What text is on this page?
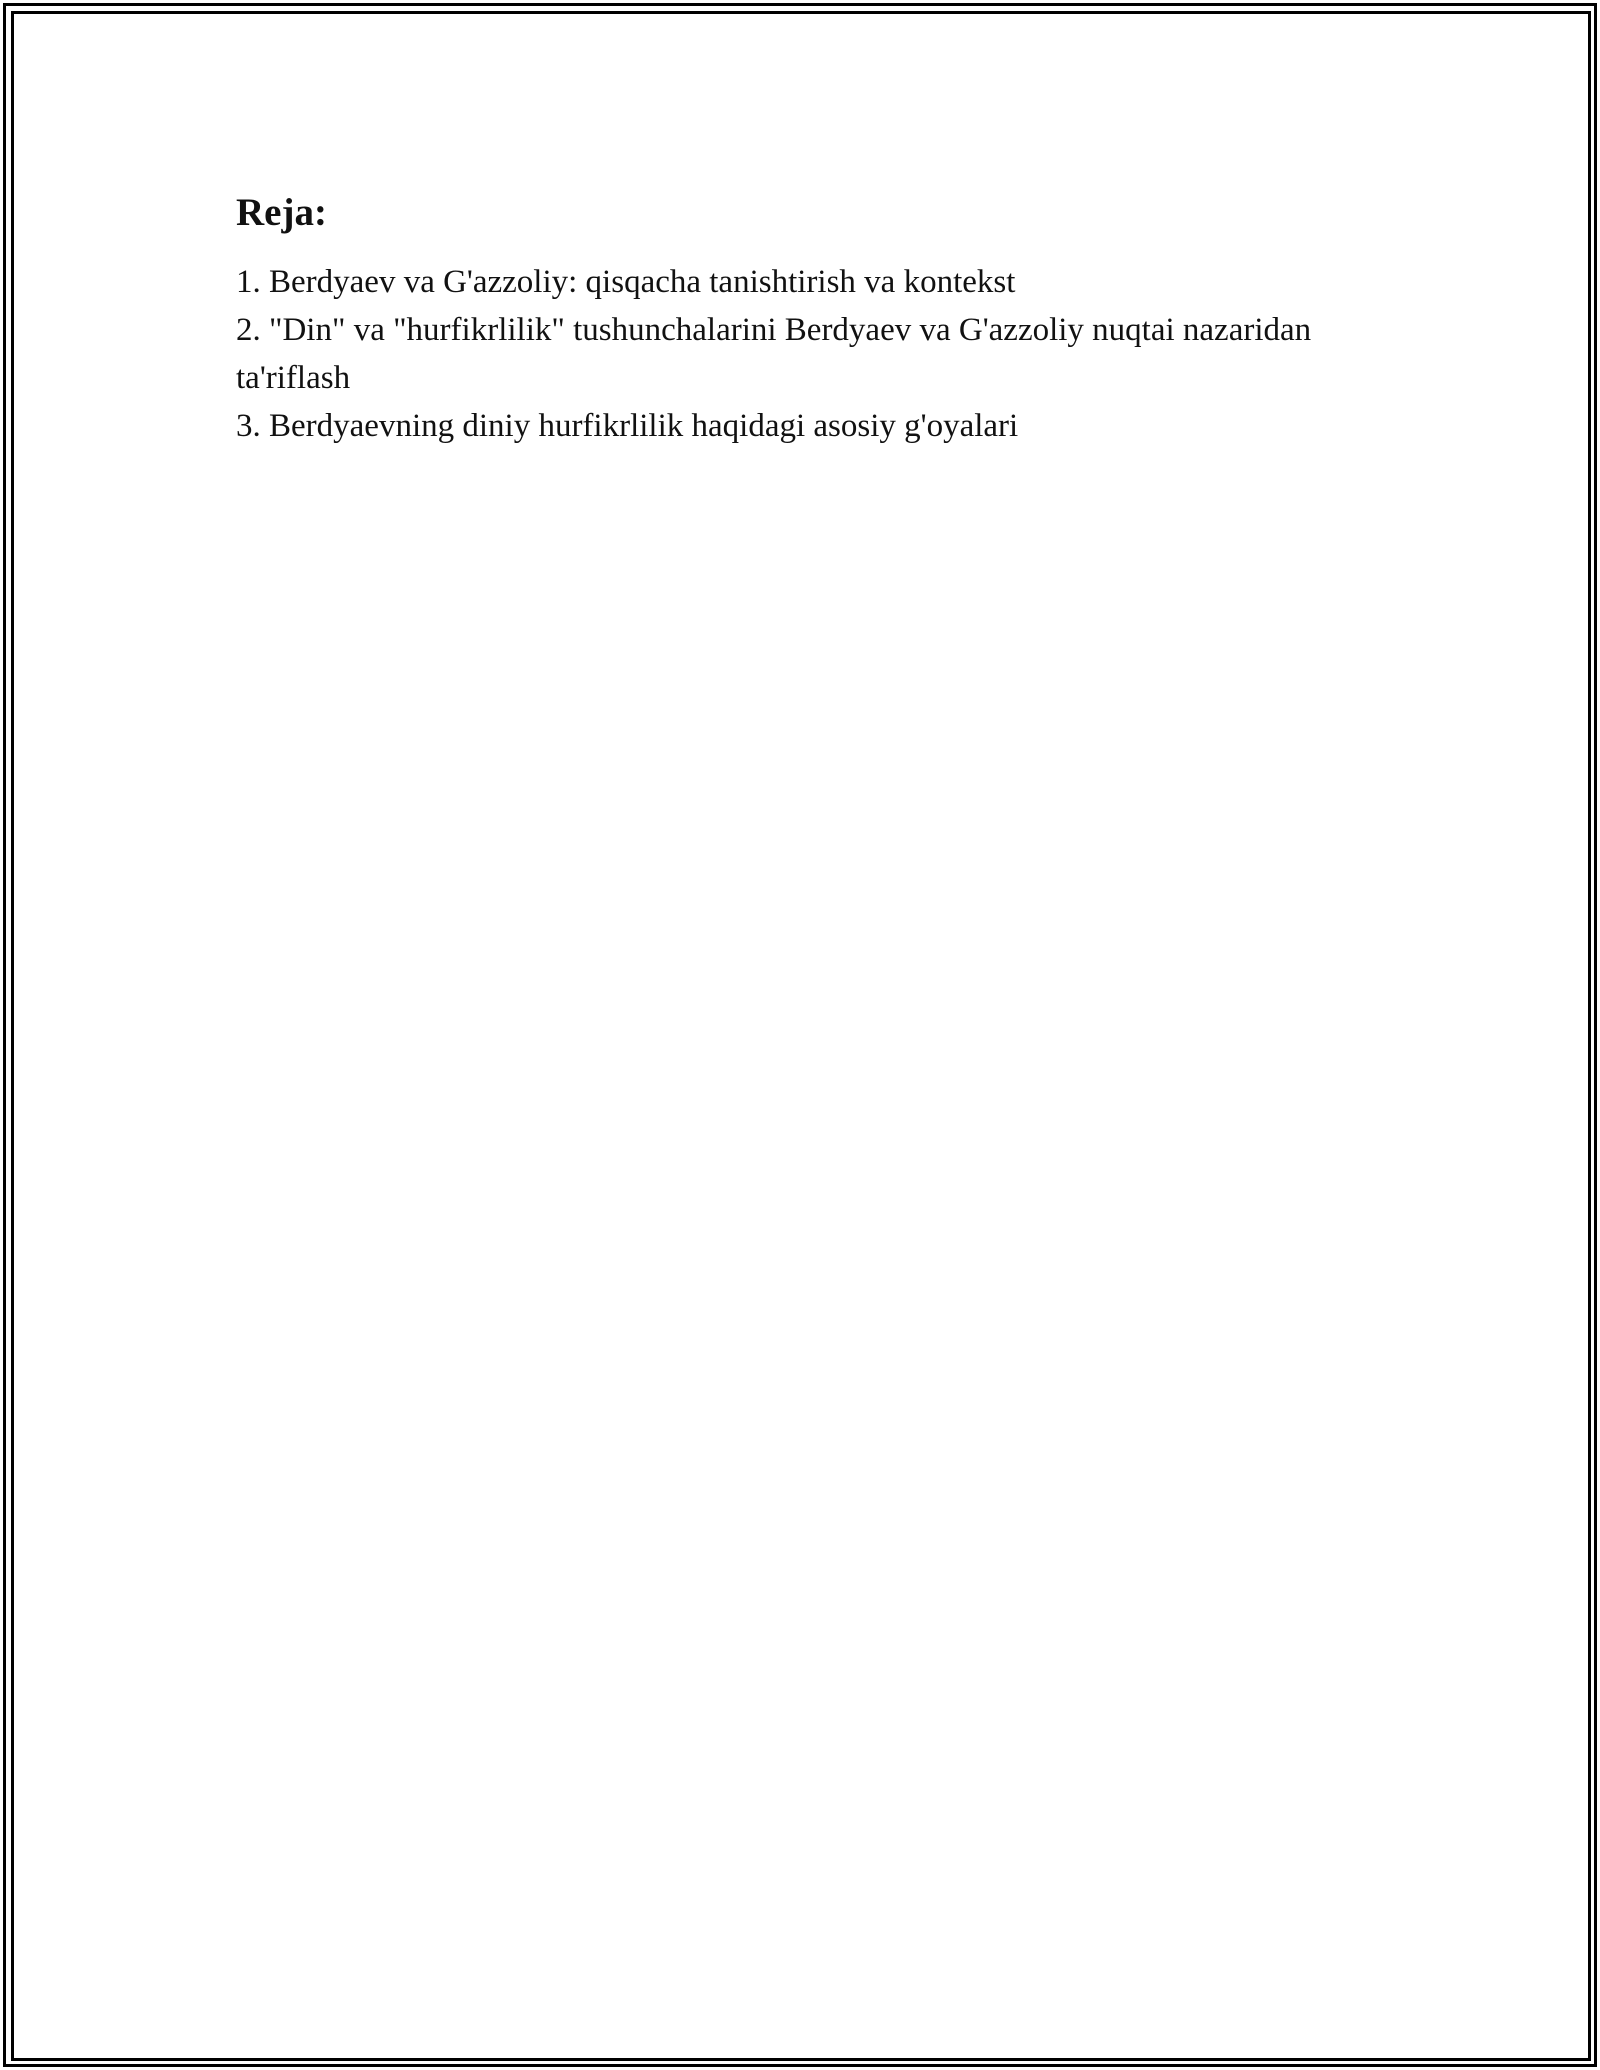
Reja:
1. Berdyaev va G'azzoliy: qisqacha tanishtirish va kontekst
2. "Din" va "hurfikrlilik" tushunchalarini Berdyaev va G'azzoliy nuqtai nazaridan ta'riflash
3. Berdyaevning diniy hurfikrlilik haqidagi asosiy g'oyalari
